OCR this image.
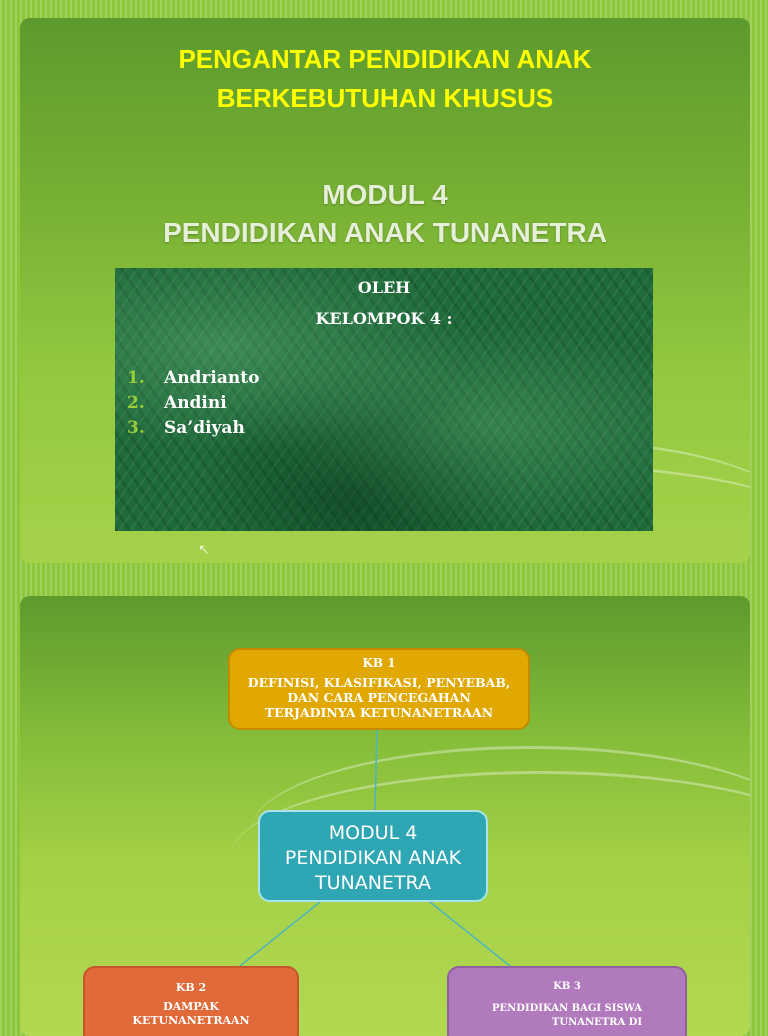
PENGANTAR PENDIDIKAN ANAK
BERKEBUTUHAN KHUSUS
MODUL 4
PENDIDIKAN ANAK TUNANETRA
OLEH
KELOMPOK 4 :
1. Andrianto
2. Andini
3. Sa’diyah
↖
KB 1
DEFINISI, KLASIFIKASI, PENYEBAB,
DAN CARA PENCEGAHAN
TERJADINYA KETUNANETRAAN
MODUL 4
PENDIDIKAN ANAK
TUNANETRA
KB 2
DAMPAK
KETUNANETRAAN
KB 3
PENDIDIKAN BAGI SISWA
TUNANETRA DI
